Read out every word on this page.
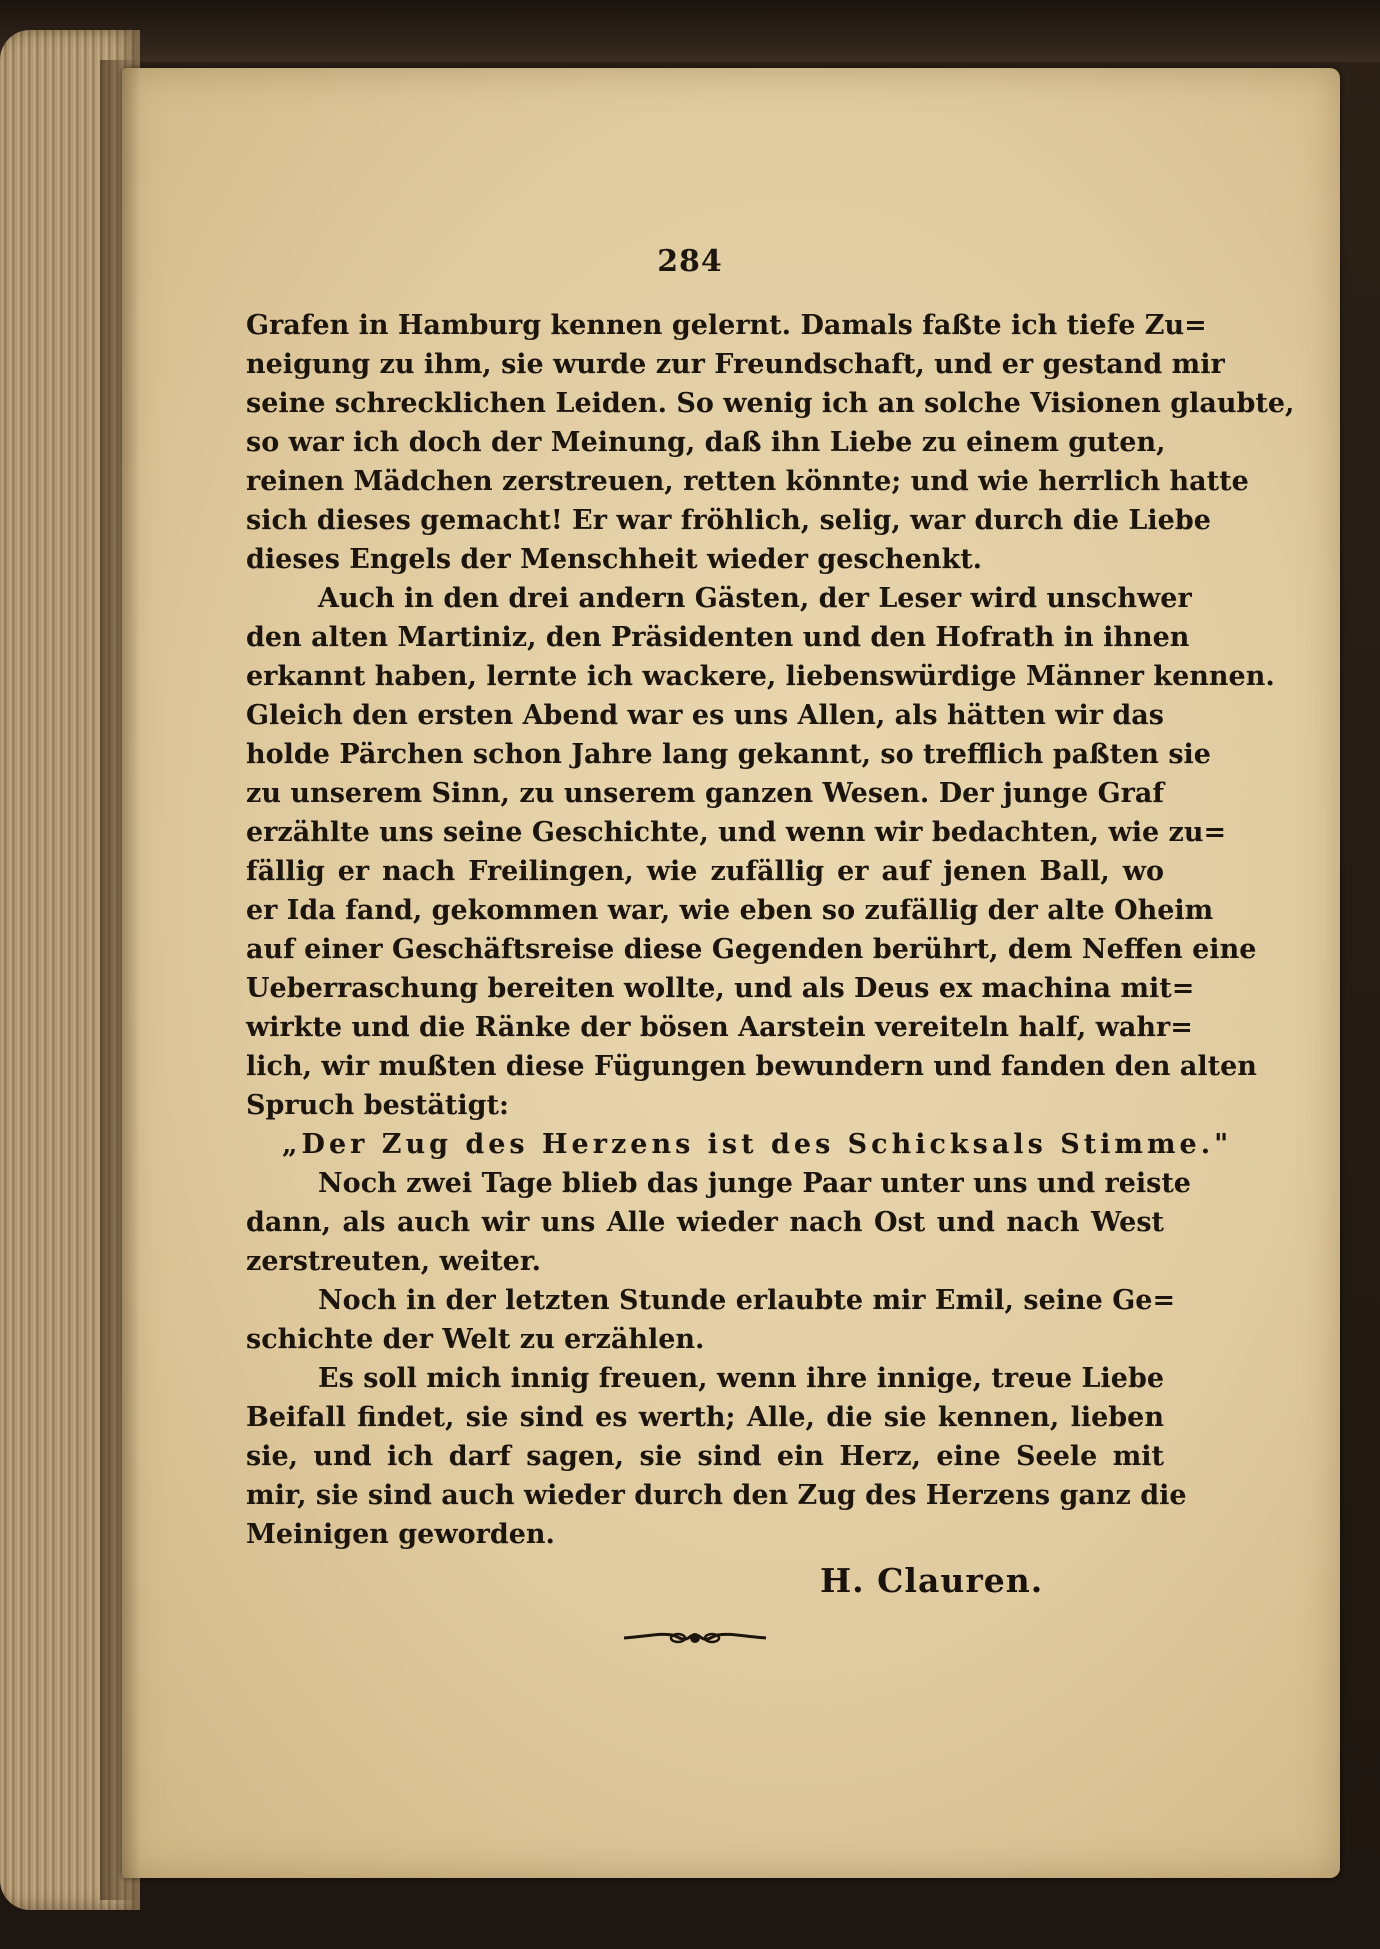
284
Grafen in Hamburg kennen gelernt. Damals faßte ich tiefe Zu=
neigung zu ihm, sie wurde zur Freundschaft, und er gestand mir
seine schrecklichen Leiden. So wenig ich an solche Visionen glaubte,
so war ich doch der Meinung, daß ihn Liebe zu einem guten,
reinen Mädchen zerstreuen, retten könnte; und wie herrlich hatte
sich dieses gemacht! Er war fröhlich, selig, war durch die Liebe
dieses Engels der Menschheit wieder geschenkt.
Auch in den drei andern Gästen, der Leser wird unschwer
den alten Martiniz, den Präsidenten und den Hofrath in ihnen
erkannt haben, lernte ich wackere, liebenswürdige Männer kennen.
Gleich den ersten Abend war es uns Allen, als hätten wir das
holde Pärchen schon Jahre lang gekannt, so trefflich paßten sie
zu unserem Sinn, zu unserem ganzen Wesen. Der junge Graf
erzählte uns seine Geschichte, und wenn wir bedachten, wie zu=
fällig er nach Freilingen, wie zufällig er auf jenen Ball, wo
er Ida fand, gekommen war, wie eben so zufällig der alte Oheim
auf einer Geschäftsreise diese Gegenden berührt, dem Neffen eine
Ueberraschung bereiten wollte, und als Deus ex machina mit=
wirkte und die Ränke der bösen Aarstein vereiteln half, wahr=
lich, wir mußten diese Fügungen bewundern und fanden den alten
Spruch bestätigt:
„Der Zug des Herzens ist des Schicksals Stimme."
Noch zwei Tage blieb das junge Paar unter uns und reiste
dann, als auch wir uns Alle wieder nach Ost und nach West
zerstreuten, weiter.
Noch in der letzten Stunde erlaubte mir Emil, seine Ge=
schichte der Welt zu erzählen.
Es soll mich innig freuen, wenn ihre innige, treue Liebe
Beifall findet, sie sind es werth; Alle, die sie kennen, lieben
sie, und ich darf sagen, sie sind ein Herz, eine Seele mit
mir, sie sind auch wieder durch den Zug des Herzens ganz die
Meinigen geworden.
H. Clauren.
